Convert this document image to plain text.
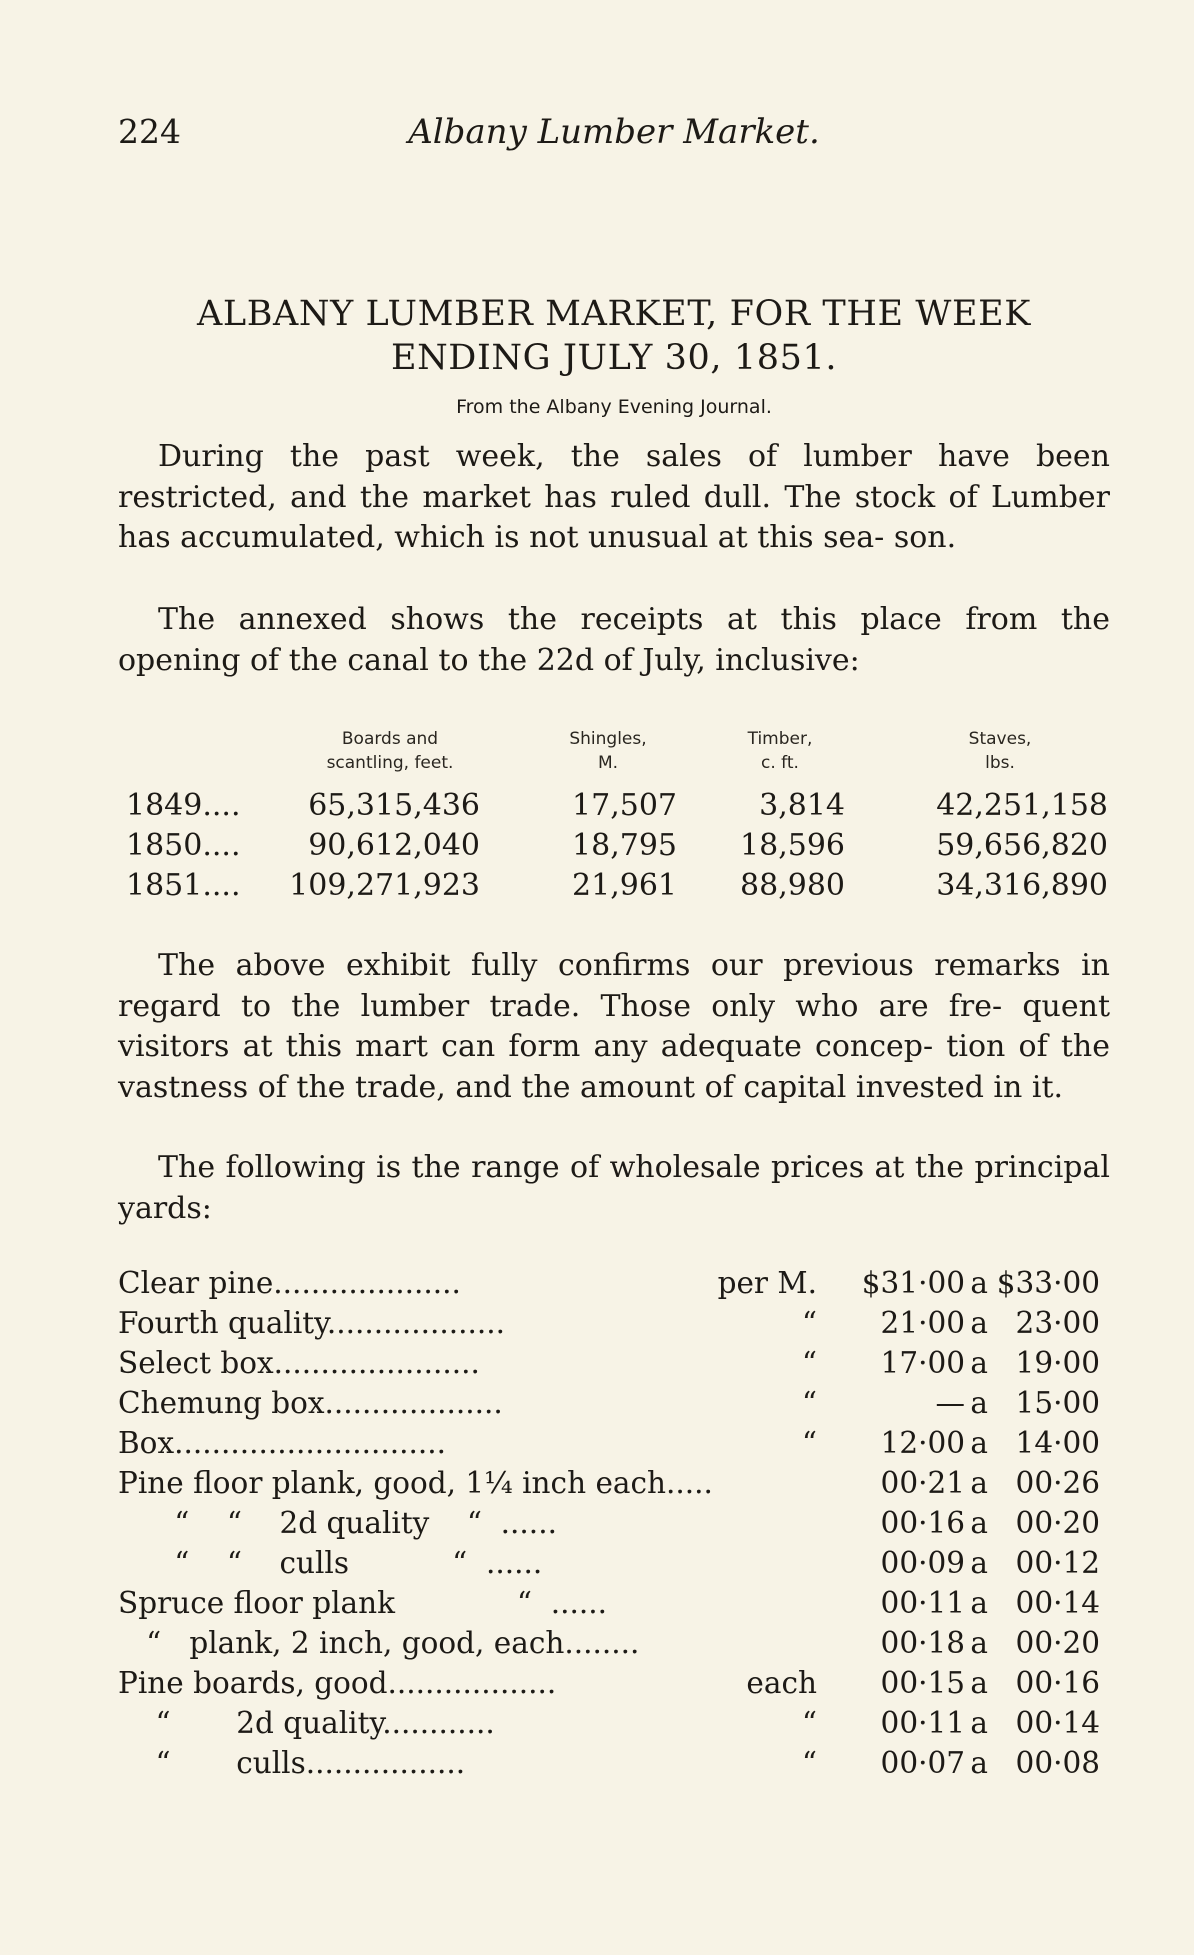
224	Albany Lumber Market.
ALBANY LUMBER MARKET, FOR THE WEEK
ENDING JULY 30, 1851.
From the Albany Evening Journal.

During the past week, the sales of lumber have been restricted, and the market has ruled dull. The stock of Lumber has accumulated, which is not unusual at this sea- son.

The annexed shows the receipts at this place from the opening of the canal to the 22d of July, inclusive:

Boards and
scantling, feet.
Shingles,
M.
Timber,
c. ft.
Staves,
lbs.
1849.... 65,315,436	17,507	3,814	42,251,158
1850.... 90,612,040	18,795 18,596	59,656,820
1851.... 109,271,923	21,961 88,980	34,316,890

The above exhibit fully confirms our previous remarks in regard to the lumber trade. Those only who are fre- quent visitors at this mart can form any adequate concep- tion of the vastness of the trade, and the amount of capital invested in it.

The following is the range of wholesale prices at the principal yards:

Clear pine....................	per M. $31·00 a $33·00
Fourth quality...................	“ 21·00 a 23·00
Select box......................	“ 17·00 a 19·00
Chemung box...................	“	— a 15·00
Box.............................	“ 12·00 a 14·00
Pine floor plank, good, 1¼ inch each.....	00·21 a 00·26
“    “    2d quality    “  ......	00·16 a 00·20
“    “    culls           “  ......	00·09 a 00·12
Spruce floor plank             “  ......	00·11 a 00·14
“   plank, 2 inch, good, each........	00·18 a 00·20
Pine boards, good..................	each 00·15 a 00·16
“       2d quality............	“ 00·11 a 00·14
“       culls.................	“ 00·07 a 00·08
